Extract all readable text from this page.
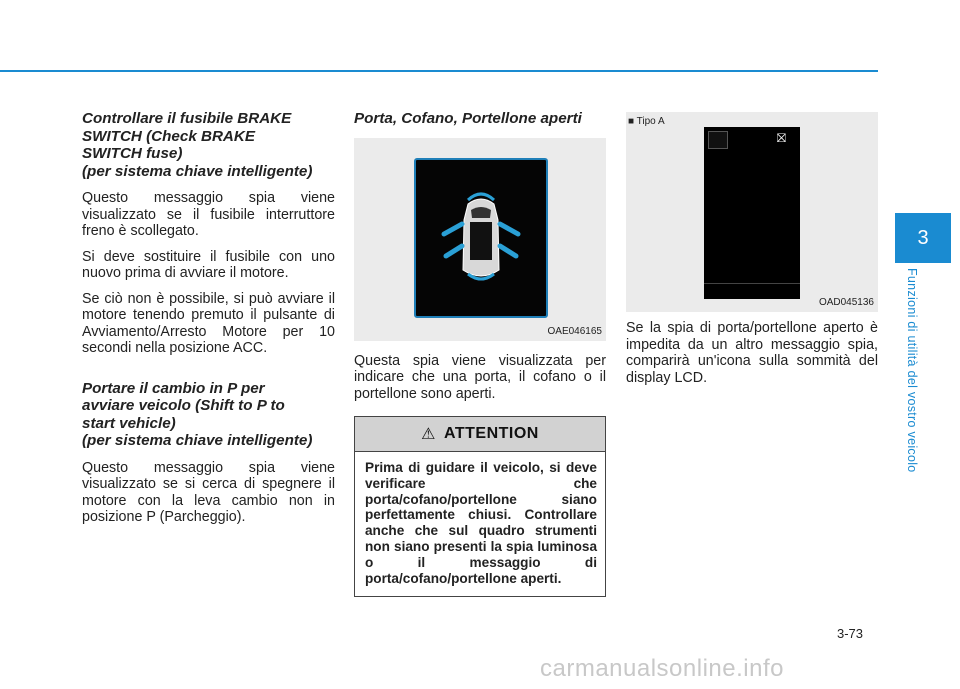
Controllare il fusibile BRAKE
SWITCH (Check BRAKE
SWITCH fuse)
(per sistema chiave intelligente)

Questo messaggio spia viene visualizzato se il fusibile interruttore freno è scollegato.

Si deve sostituire il fusibile con uno nuovo prima di avviare il motore.

Se ciò non è possibile, si può avviare il motore tenendo premuto il pulsante di Avviamento/Arresto Motore per 10 secondi nella posizione ACC.

Portare il cambio in P per
avviare veicolo (Shift to P to
start vehicle)
(per sistema chiave intelligente)

Questo messaggio spia viene visualizzato se si cerca di spegnere il motore con la leva cambio non in posizione P (Parcheggio).

Porta, Cofano, Portellone aperti
OAE046165

Questa spia viene visualizzata per indicare che una porta, il cofano o il portellone sono aperti.

⚠ ATTENTION

Prima di guidare il veicolo, si deve verificare che porta/cofano/portellone siano perfettamente chiusi. Controllare anche che sul quadro strumenti non siano presenti la spia luminosa o il messaggio di porta/cofano/portellone aperti.

■ Tipo A
⛝
OAD045136

Se la spia di porta/portellone aperto è impedita da un altro messaggio spia, comparirà un'icona sulla sommità del display LCD.

3
Funzioni di utilità del vostro veicolo
3-73
carmanualsonline.info
